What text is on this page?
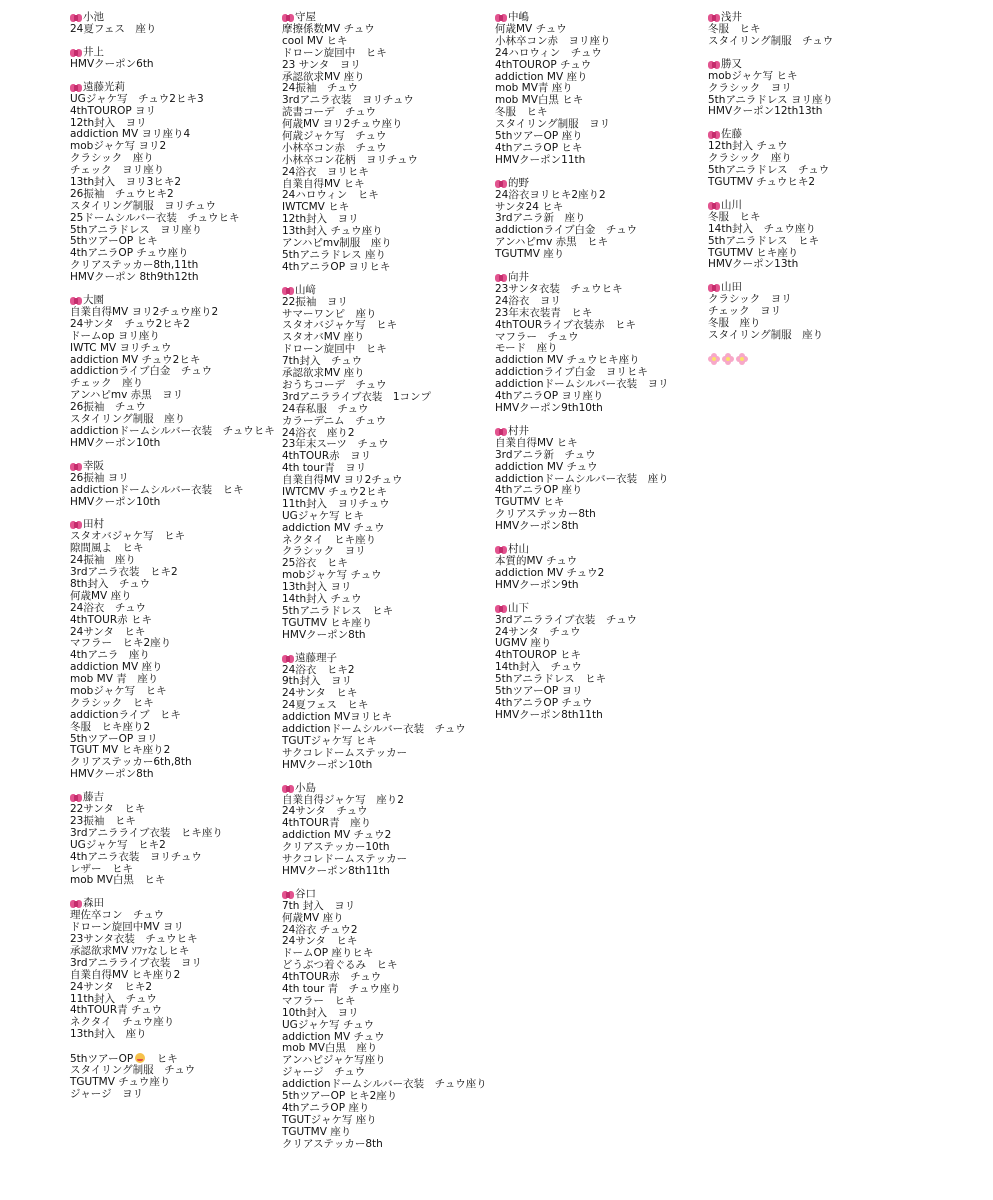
小池
24夏フェス　座り
井上
HMVクーポン6th
遠藤光莉
UGジャケ写　チュウ2ヒキ3
4thTOUROP ヨリ
12th封入　ヨリ
addiction MV ヨリ座り4
mobジャケ写 ヨリ2
クラシック　座り
チェック　ヨリ座り
13th封入　ヨリ3ヒキ2
26振袖　チュウヒキ2
スタイリング制服　ヨリチュウ
25ドームシルバー衣装　チュウヒキ
5thアニラドレス　ヨリ座り
5thツアーOP ヒキ
4thアニラOP チュウ座り
クリアステッカー8th,11th
HMVクーポン 8th9th12th
大園
自業自得MV ヨリ2チュウ座り2
24サンタ　チュウ2ヒキ2
ドームop ヨリ座り
IWTC MV ヨリチュウ
addiction MV チュウ2ヒキ
addictionライブ白金　チュウ
チェック　座り
アンハピmv 赤黒　ヨリ
26振袖　チュウ
スタイリング制服　座り
addictionドームシルバー衣装　チュウヒキ
HMVクーポン10th
幸阪
26振袖 ヨリ
addictionドームシルバー衣装　ヒキ
HMVクーポン10th
田村
スタオバジャケ写　ヒキ
隙間風よ　ヒキ
24振袖　座り
3rdアニラ衣装　ヒキ2
8th封入　チュウ
何歳MV 座り
24浴衣　チュウ
4thTOUR赤 ヒキ
24サンタ　ヒキ
マフラー　ヒキ2座り
4thアニラ　座り
addiction MV 座り
mob MV 青　座り
mobジャケ写　ヒキ
クラシック　ヒキ
addictionライブ　ヒキ
冬服　ヒキ座り2
5thツアーOP ヨリ
TGUT MV ヒキ座り2
クリアステッカー6th,8th
HMVクーポン8th
藤吉
22サンタ　ヒキ
23振袖　ヒキ
3rdアニラライブ衣装　ヒキ座り
UGジャケ写　ヒキ2
4thアニラ衣装　ヨリチュウ
レザー　ヒキ
mob MV白黒　ヒキ
森田
理佐卒コン　チュウ
ドローン旋回中MV ヨリ
23サンタ衣装　チュウヒキ
承認欲求MV ｿﾌｧなしヒキ
3rdアニラライブ衣装　ヨリ
自業自得MV ヒキ座り2
24サンタ　ヒキ2
11th封入　チュウ
4thTOUR青 チュウ
ネクタイ　チュウ座り
13th封入　座り
5thツアーOP　ヒキ
スタイリング制服　チュウ
TGUTMV チュウ座り
ジャージ　ヨリ
守屋
摩擦係数MV チュウ
cool MV ヒキ
ドローン旋回中　ヒキ
23 サンタ　ヨリ
承認欲求MV 座り
24振袖　チュウ
3rdアニラ衣装　ヨリチュウ
読書コーデ　チュウ
何歳MV ヨリ2チュウ座り
何歳ジャケ写　チュウ
小林卒コン赤　チュウ
小林卒コン花柄　ヨリチュウ
24浴衣　ヨリヒキ
自業自得MV ヒキ
24ハロウィン　ヒキ
IWTCMV ヒキ
12th封入　ヨリ
13th封入 チュウ座り
アンハピmv制服　座り
5thアニラドレス 座り
4thアニラOP ヨリヒキ
山﨑
22振袖　ヨリ
サマーワンピ　座り
スタオバジャケ写　ヒキ
スタオバMV 座り
ドローン旋回中　ヒキ
7th封入　チュウ
承認欲求MV 座り
おうちコーデ　チュウ
3rdアニラライブ衣装　1コンプ
24春私服　チュウ
カラーデニム　チュウ
24浴衣　座り2
23年末スーツ　チュウ
4thTOUR赤　ヨリ
4th tour青　ヨリ
自業自得MV ヨリ2チュウ
IWTCMV チュウ2ヒキ
11th封入　ヨリチュウ
UGジャケ写 ヒキ
addiction MV チュウ
ネクタイ　ヒキ座り
クラシック　ヨリ
25浴衣　ヒキ
mobジャケ写 チュウ
13th封入 ヨリ
14th封入 チュウ
5thアニラドレス　ヒキ
TGUTMV ヒキ座り
HMVクーポン8th
遠藤理子
24浴衣　ヒキ2
9th封入　ヨリ
24サンタ　ヒキ
24夏フェス　ヒキ
addiction MVヨリヒキ
addictionドームシルバー衣装　チュウ
TGUTジャケ写 ヒキ
サクコレドームステッカー
HMVクーポン10th
小島
自業自得ジャケ写　座り2
24サンタ　チュウ
4thTOUR青　座り
addiction MV チュウ2
クリアステッカー10th
サクコレドームステッカー
HMVクーポン8th11th
谷口
7th 封入　ヨリ
何歳MV 座り
24浴衣 チュウ2
24サンタ　ヒキ
ドームOP 座りヒキ
どうぶつ着ぐるみ　ヒキ
4thTOUR赤　チュウ
4th tour 青　チュウ座り
マフラー　ヒキ
10th封入　ヨリ
UGジャケ写 チュウ
addiction MV チュウ
mob MV白黒　座り
アンハピジャケ写座り
ジャージ　チュウ
addictionドームシルバー衣装　チュウ座り
5thツアーOP ヒキ2座り
4thアニラOP 座り
TGUTジャケ写 座り
TGUTMV 座り
クリアステッカー8th
中嶋
何歳MV チュウ
小林卒コン赤　ヨリ座り
24ハロウィン　チュウ
4thTOUROP チュウ
addiction MV 座り
mob MV青 座り
mob MV白黒 ヒキ
冬服　ヒキ
スタイリング制服　ヨリ
5thツアーOP 座り
4thアニラOP ヒキ
HMVクーポン11th
的野
24浴衣ヨリヒキ2座り2
サンタ24 ヒキ
3rdアニラ新　座り
addictionライブ白金　チュウ
アンハピmv 赤黒　ヒキ
TGUTMV 座り
向井
23サンタ衣装　チュウヒキ
24浴衣　ヨリ
23年末衣装青　ヒキ
4thTOURライブ衣装赤　ヒキ
マフラー　チュウ
モード　座り
addiction MV チュウヒキ座り
addictionライブ白金　ヨリヒキ
addictionドームシルバー衣装　ヨリ
4thアニラOP ヨリ座り
HMVクーポン9th10th
村井
自業自得MV ヒキ
3rdアニラ新　チュウ
addiction MV チュウ
addictionドームシルバー衣装　座り
4thアニラOP 座り
TGUTMV ヒキ
クリアステッカー8th
HMVクーポン8th
村山
本質的MV チュウ
addiction MV チュウ2
HMVクーポン9th
山下
3rdアニラライブ衣装　チュウ
24サンタ　チュウ
UGMV 座り
4thTOUROP ヒキ
14th封入　チュウ
5thアニラドレス　ヒキ
5thツアーOP ヨリ
4thアニラOP チュウ
HMVクーポン8th11th
浅井
冬服　ヒキ
スタイリング制服　チュウ
勝又
mobジャケ写 ヒキ
クラシック　ヨリ
5thアニラドレス ヨリ座り
HMVクーポン12th13th
佐藤
12th封入 チュウ
クラシック　座り
5thアニラドレス　チュウ
TGUTMV チュウヒキ2
山川
冬服　ヒキ
14th封入　チュウ座り
5thアニラドレス　ヒキ
TGUTMV ヒキ座り
HMVクーポン13th
山田
クラシック　ヨリ
チェック　ヨリ
冬服　座り
スタイリング制服　座り
